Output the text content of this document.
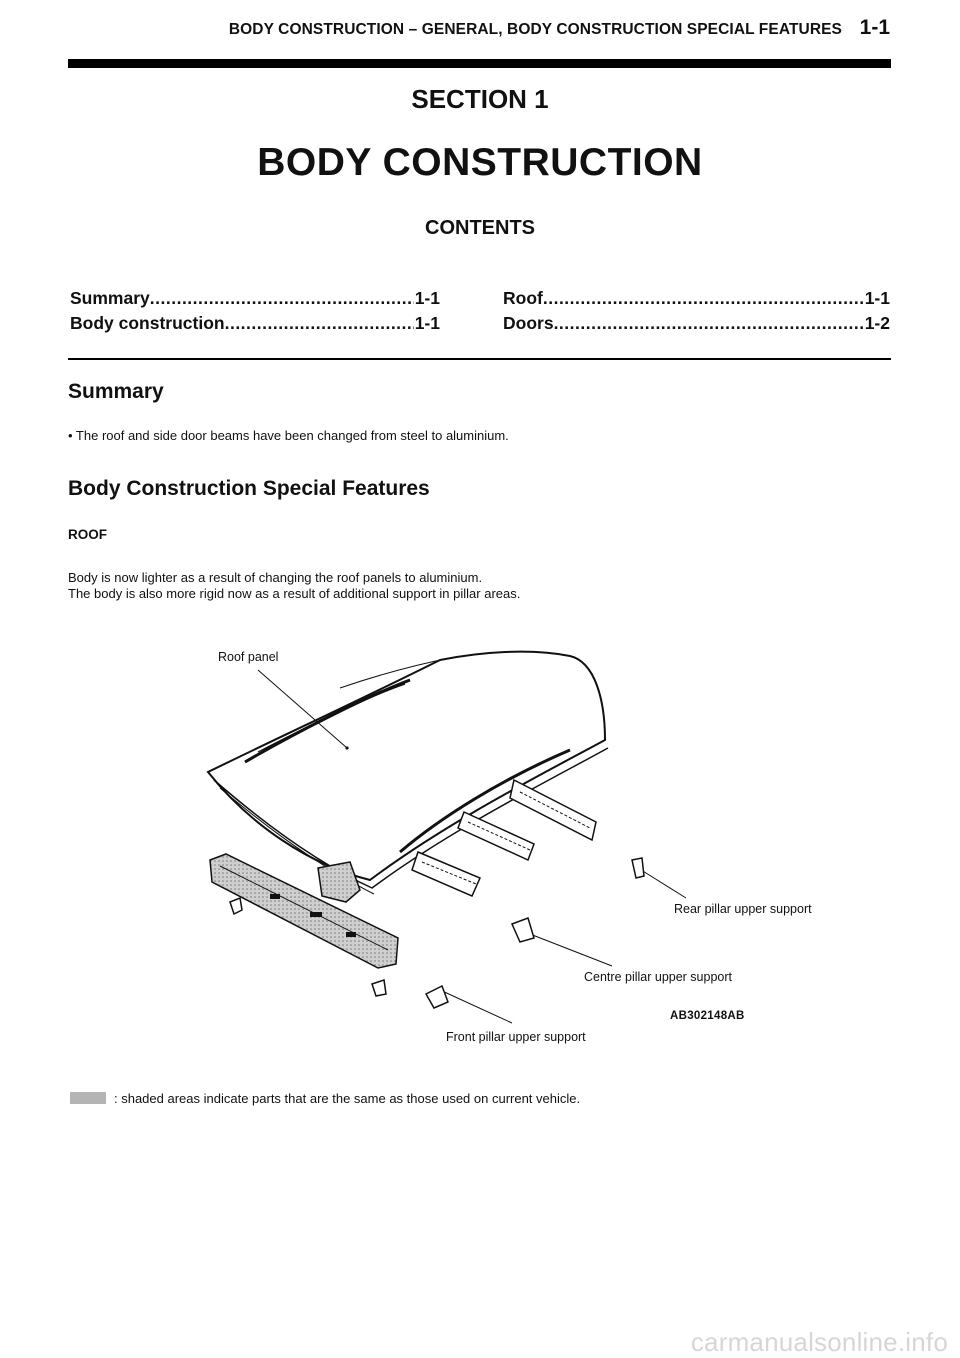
BODY CONSTRUCTION – GENERAL, BODY CONSTRUCTION SPECIAL FEATURES 1-1
SECTION 1
BODY CONSTRUCTION
CONTENTS
Summary .....	1-1
Body construction .....	1-1
Roof .....	1-1
Doors .....	1-2
Summary
• The roof and side door beams have been changed from steel to aluminium.
Body Construction Special Features
ROOF
Body is now lighter as a result of changing the roof panels to aluminium.
The body is also more rigid now as a result of additional support in pillar areas.
Roof panel
Rear pillar upper support
Centre pillar upper support
Front pillar upper support
AB302148AB
: shaded areas indicate parts that are the same as those used on current vehicle.
carmanualsonline.info
